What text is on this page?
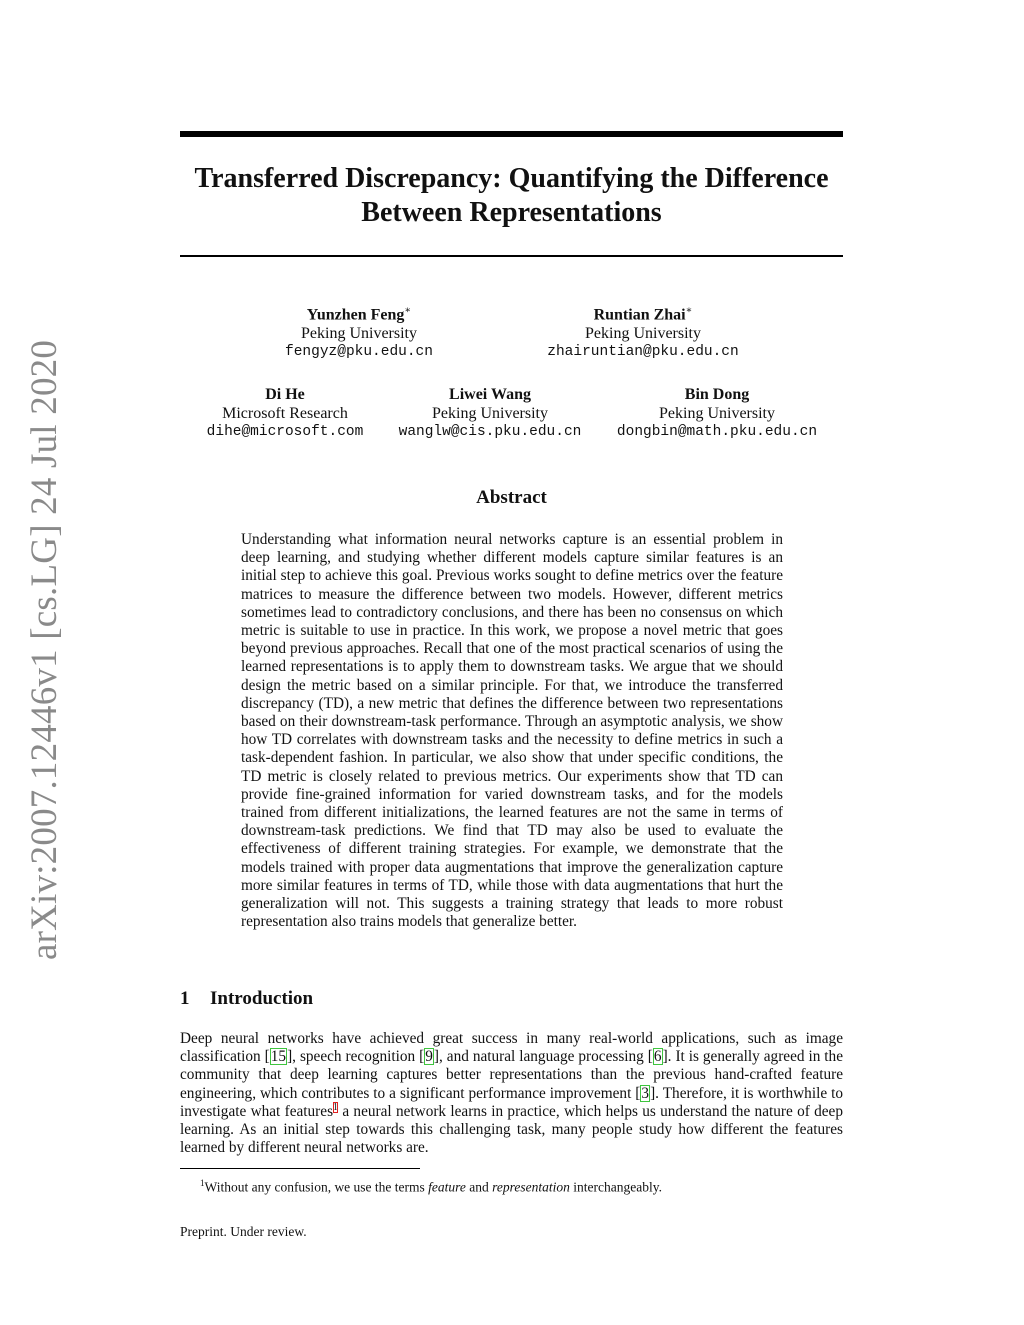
arXiv:2007.12446v1 [cs.LG] 24 Jul 2020
Transferred Discrepancy: Quantifying the Difference
Between Representations
Yunzhen Feng∗
Peking University
fengyz@pku.edu.cn
Runtian Zhai∗
Peking University
zhairuntian@pku.edu.cn
Di He
Microsoft Research
dihe@microsoft.com
Liwei Wang
Peking University
wanglw@cis.pku.edu.cn
Bin Dong
Peking University
dongbin@math.pku.edu.cn
Abstract

Understanding what information neural networks capture is an essential problem in deep learning, and studying whether different models capture similar features is an initial step to achieve this goal. Previous works sought to define metrics over the feature matrices to measure the difference between two models. However, different metrics sometimes lead to contradictory conclusions, and there has been no consensus on which metric is suitable to use in practice. In this work, we propose a novel metric that goes beyond previous approaches. Recall that one of the most practical scenarios of using the learned representations is to apply them to downstream tasks. We argue that we should design the metric based on a similar principle. For that, we introduce the transferred discrepancy (TD), a new metric that defines the difference between two representations based on their downstream-task performance. Through an asymptotic analysis, we show how TD correlates with downstream tasks and the necessity to define metrics in such a task-dependent fashion. In particular, we also show that under specific conditions, the TD metric is closely related to previous metrics. Our experiments show that TD can provide fine-grained information for varied downstream tasks, and for the models trained from different initializations, the learned features are not the same in terms of downstream-task predictions. We find that TD may also be used to evaluate the effectiveness of different training strategies. For example, we demonstrate that the models trained with proper data augmentations that improve the generalization capture more similar features in terms of TD, while those with data augmentations that hurt the generalization will not. This suggests a training strategy that leads to more robust representation also trains models that generalize better.

1 Introduction

Deep neural networks have achieved great success in many real-world applications, such as image classification [15], speech recognition [9], and natural language processing [6]. It is generally agreed in the community that deep learning captures better representations than the previous hand-crafted feature engineering, which contributes to a significant performance improvement [3]. Therefore, it is worthwhile to investigate what features$^1$ a neural network learns in practice, which helps us understand the nature of deep learning. As an initial step towards this challenging task, many people study how different the features learned by different neural networks are.

$^1$Without any confusion, we use the terms feature and representation interchangeably.
Preprint. Under review.
